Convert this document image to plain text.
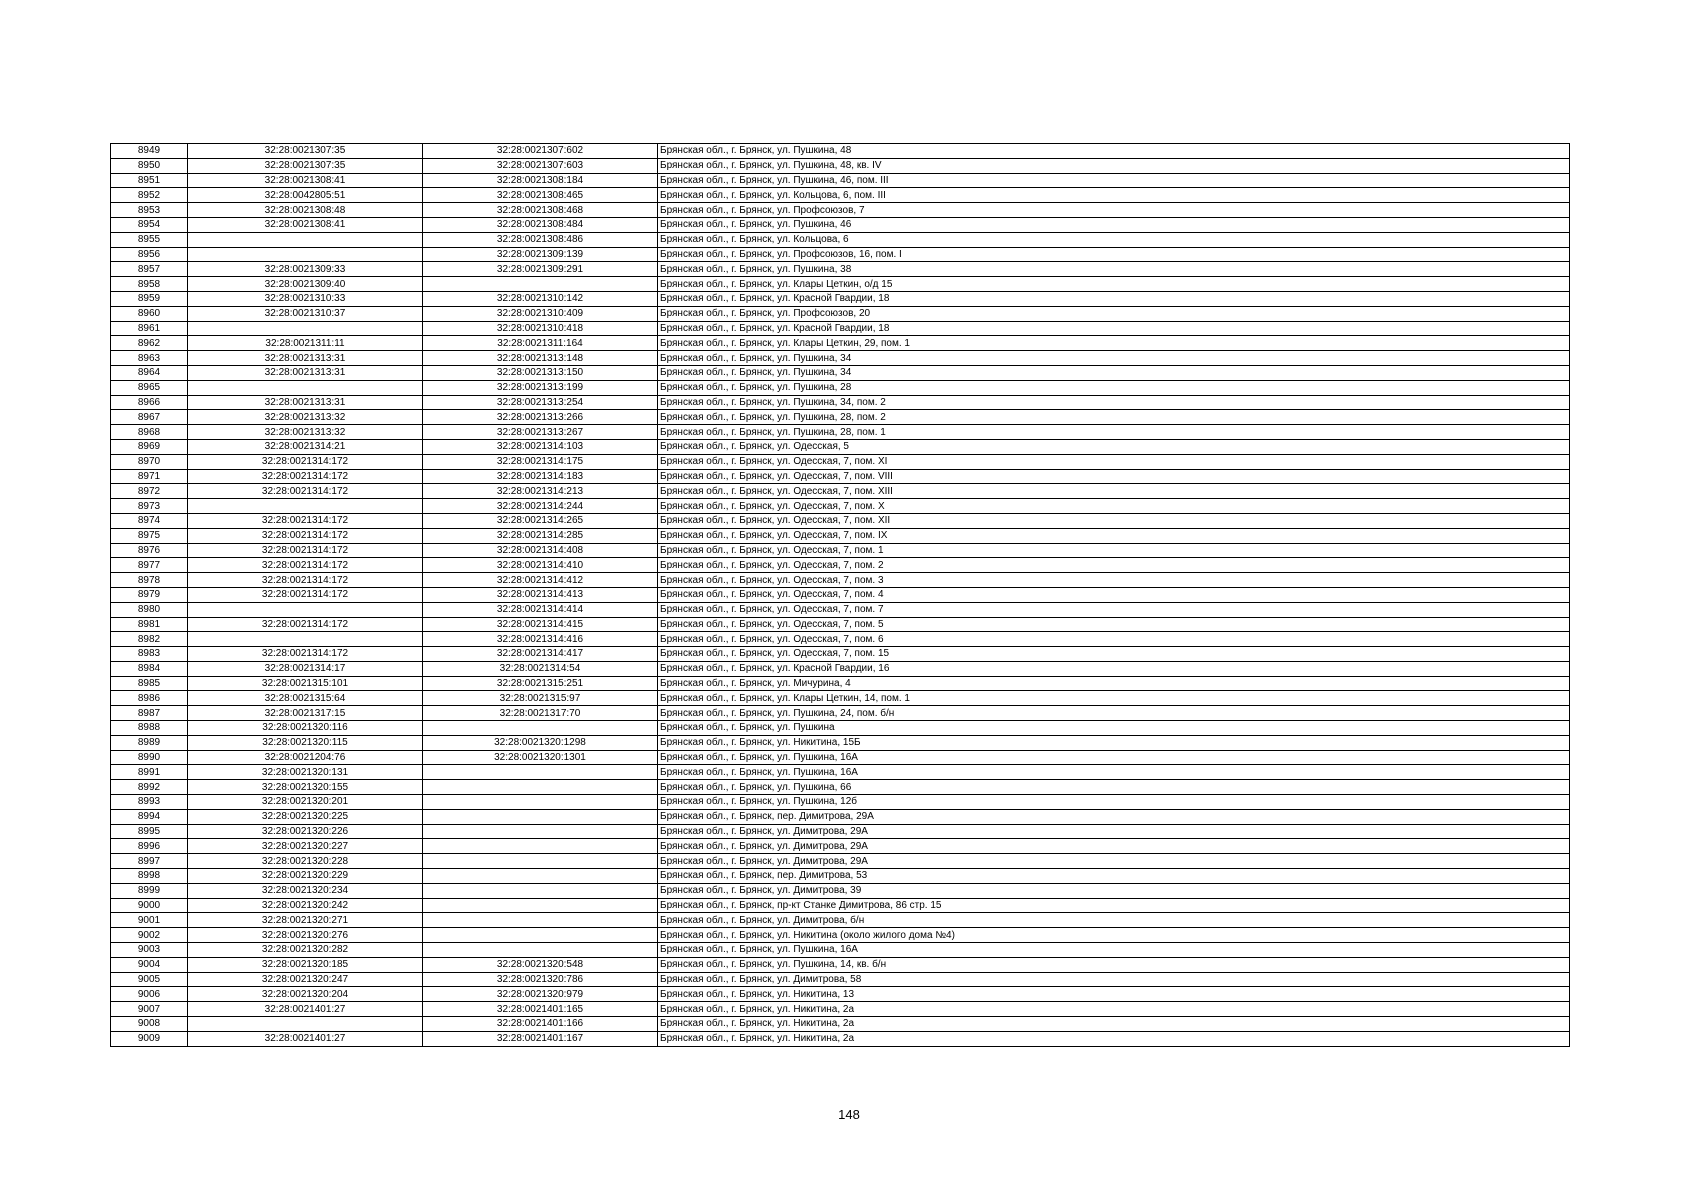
8949	32:28:0021307:35	32:28:0021307:602	Брянская обл., г. Брянск, ул. Пушкина, 48
8950	32:28:0021307:35	32:28:0021307:603	Брянская обл., г. Брянск, ул. Пушкина, 48, кв. IV
8951	32:28:0021308:41	32:28:0021308:184	Брянская обл., г. Брянск, ул. Пушкина, 46, пом. III
8952	32:28:0042805:51	32:28:0021308:465	Брянская обл., г. Брянск, ул. Кольцова, 6, пом. III
8953	32:28:0021308:48	32:28:0021308:468	Брянская обл., г. Брянск, ул. Профсоюзов, 7
8954	32:28:0021308:41	32:28:0021308:484	Брянская обл., г. Брянск, ул. Пушкина, 46
8955		32:28:0021308:486	Брянская обл., г. Брянск, ул. Кольцова, 6
8956		32:28:0021309:139	Брянская обл., г. Брянск, ул. Профсоюзов, 16, пом. I
8957	32:28:0021309:33	32:28:0021309:291	Брянская обл., г. Брянск, ул. Пушкина, 38
8958	32:28:0021309:40		Брянская обл., г. Брянск, ул. Клары Цеткин, о/д 15
8959	32:28:0021310:33	32:28:0021310:142	Брянская обл., г. Брянск, ул. Красной Гвардии, 18
8960	32:28:0021310:37	32:28:0021310:409	Брянская обл., г. Брянск, ул. Профсоюзов, 20
8961		32:28:0021310:418	Брянская обл., г. Брянск, ул. Красной Гвардии, 18
8962	32:28:0021311:11	32:28:0021311:164	Брянская обл., г. Брянск, ул. Клары Цеткин, 29, пом. 1
8963	32:28:0021313:31	32:28:0021313:148	Брянская обл., г. Брянск, ул. Пушкина, 34
8964	32:28:0021313:31	32:28:0021313:150	Брянская обл., г. Брянск, ул. Пушкина, 34
8965		32:28:0021313:199	Брянская обл., г. Брянск, ул. Пушкина, 28
8966	32:28:0021313:31	32:28:0021313:254	Брянская обл., г. Брянск, ул. Пушкина, 34, пом. 2
8967	32:28:0021313:32	32:28:0021313:266	Брянская обл., г. Брянск, ул. Пушкина, 28, пом. 2
8968	32:28:0021313:32	32:28:0021313:267	Брянская обл., г. Брянск, ул. Пушкина, 28, пом. 1
8969	32:28:0021314:21	32:28:0021314:103	Брянская обл., г. Брянск, ул. Одесская, 5
8970	32:28:0021314:172	32:28:0021314:175	Брянская обл., г. Брянск, ул. Одесская, 7, пом. XI
8971	32:28:0021314:172	32:28:0021314:183	Брянская обл., г. Брянск, ул. Одесская, 7, пом. VIII
8972	32:28:0021314:172	32:28:0021314:213	Брянская обл., г. Брянск, ул. Одесская, 7, пом. XIII
8973		32:28:0021314:244	Брянская обл., г. Брянск, ул. Одесская, 7, пом. X
8974	32:28:0021314:172	32:28:0021314:265	Брянская обл., г. Брянск, ул. Одесская, 7, пом. XII
8975	32:28:0021314:172	32:28:0021314:285	Брянская обл., г. Брянск, ул. Одесская, 7, пом. IX
8976	32:28:0021314:172	32:28:0021314:408	Брянская обл., г. Брянск, ул. Одесская, 7, пом. 1
8977	32:28:0021314:172	32:28:0021314:410	Брянская обл., г. Брянск, ул. Одесская, 7, пом. 2
8978	32:28:0021314:172	32:28:0021314:412	Брянская обл., г. Брянск, ул. Одесская, 7, пом. 3
8979	32:28:0021314:172	32:28:0021314:413	Брянская обл., г. Брянск, ул. Одесская, 7, пом. 4
8980		32:28:0021314:414	Брянская обл., г. Брянск, ул. Одесская, 7, пом. 7
8981	32:28:0021314:172	32:28:0021314:415	Брянская обл., г. Брянск, ул. Одесская, 7, пом. 5
8982		32:28:0021314:416	Брянская обл., г. Брянск, ул. Одесская, 7, пом. 6
8983	32:28:0021314:172	32:28:0021314:417	Брянская обл., г. Брянск, ул. Одесская, 7, пом. 15
8984	32:28:0021314:17	32:28:0021314:54	Брянская обл., г. Брянск, ул. Красной Гвардии, 16
8985	32:28:0021315:101	32:28:0021315:251	Брянская обл., г. Брянск, ул. Мичурина, 4
8986	32:28:0021315:64	32:28:0021315:97	Брянская обл., г. Брянск, ул. Клары Цеткин, 14, пом. 1
8987	32:28:0021317:15	32:28:0021317:70	Брянская обл., г. Брянск, ул. Пушкина, 24, пом. б/н
8988	32:28:0021320:116		Брянская обл., г. Брянск, ул. Пушкина
8989	32:28:0021320:115	32:28:0021320:1298	Брянская обл., г. Брянск, ул. Никитина, 15Б
8990	32:28:0021204:76	32:28:0021320:1301	Брянская обл., г. Брянск, ул. Пушкина, 16А
8991	32:28:0021320:131		Брянская обл., г. Брянск, ул. Пушкина, 16А
8992	32:28:0021320:155		Брянская обл., г. Брянск, ул. Пушкина, 66
8993	32:28:0021320:201		Брянская обл., г. Брянск, ул. Пушкина, 12б
8994	32:28:0021320:225		Брянская обл., г. Брянск, пер. Димитрова, 29А
8995	32:28:0021320:226		Брянская обл., г. Брянск, ул. Димитрова, 29А
8996	32:28:0021320:227		Брянская обл., г. Брянск, ул. Димитрова, 29А
8997	32:28:0021320:228		Брянская обл., г. Брянск, ул. Димитрова, 29А
8998	32:28:0021320:229		Брянская обл., г. Брянск, пер. Димитрова, 53
8999	32:28:0021320:234		Брянская обл., г. Брянск, ул. Димитрова, 39
9000	32:28:0021320:242		Брянская обл., г. Брянск, пр-кт Станке Димитрова, 86 стр. 15
9001	32:28:0021320:271		Брянская обл., г. Брянск, ул. Димитрова, б/н
9002	32:28:0021320:276		Брянская обл., г. Брянск, ул. Никитина (около жилого дома №4)
9003	32:28:0021320:282		Брянская обл., г. Брянск, ул. Пушкина, 16А
9004	32:28:0021320:185	32:28:0021320:548	Брянская обл., г. Брянск, ул. Пушкина, 14, кв. б/н
9005	32:28:0021320:247	32:28:0021320:786	Брянская обл., г. Брянск, ул. Димитрова, 58
9006	32:28:0021320:204	32:28:0021320:979	Брянская обл., г. Брянск, ул. Никитина, 13
9007	32:28:0021401:27	32:28:0021401:165	Брянская обл., г. Брянск, ул. Никитина, 2а
9008		32:28:0021401:166	Брянская обл., г. Брянск, ул. Никитина, 2а
9009	32:28:0021401:27	32:28:0021401:167	Брянская обл., г. Брянск, ул. Никитина, 2а
148
